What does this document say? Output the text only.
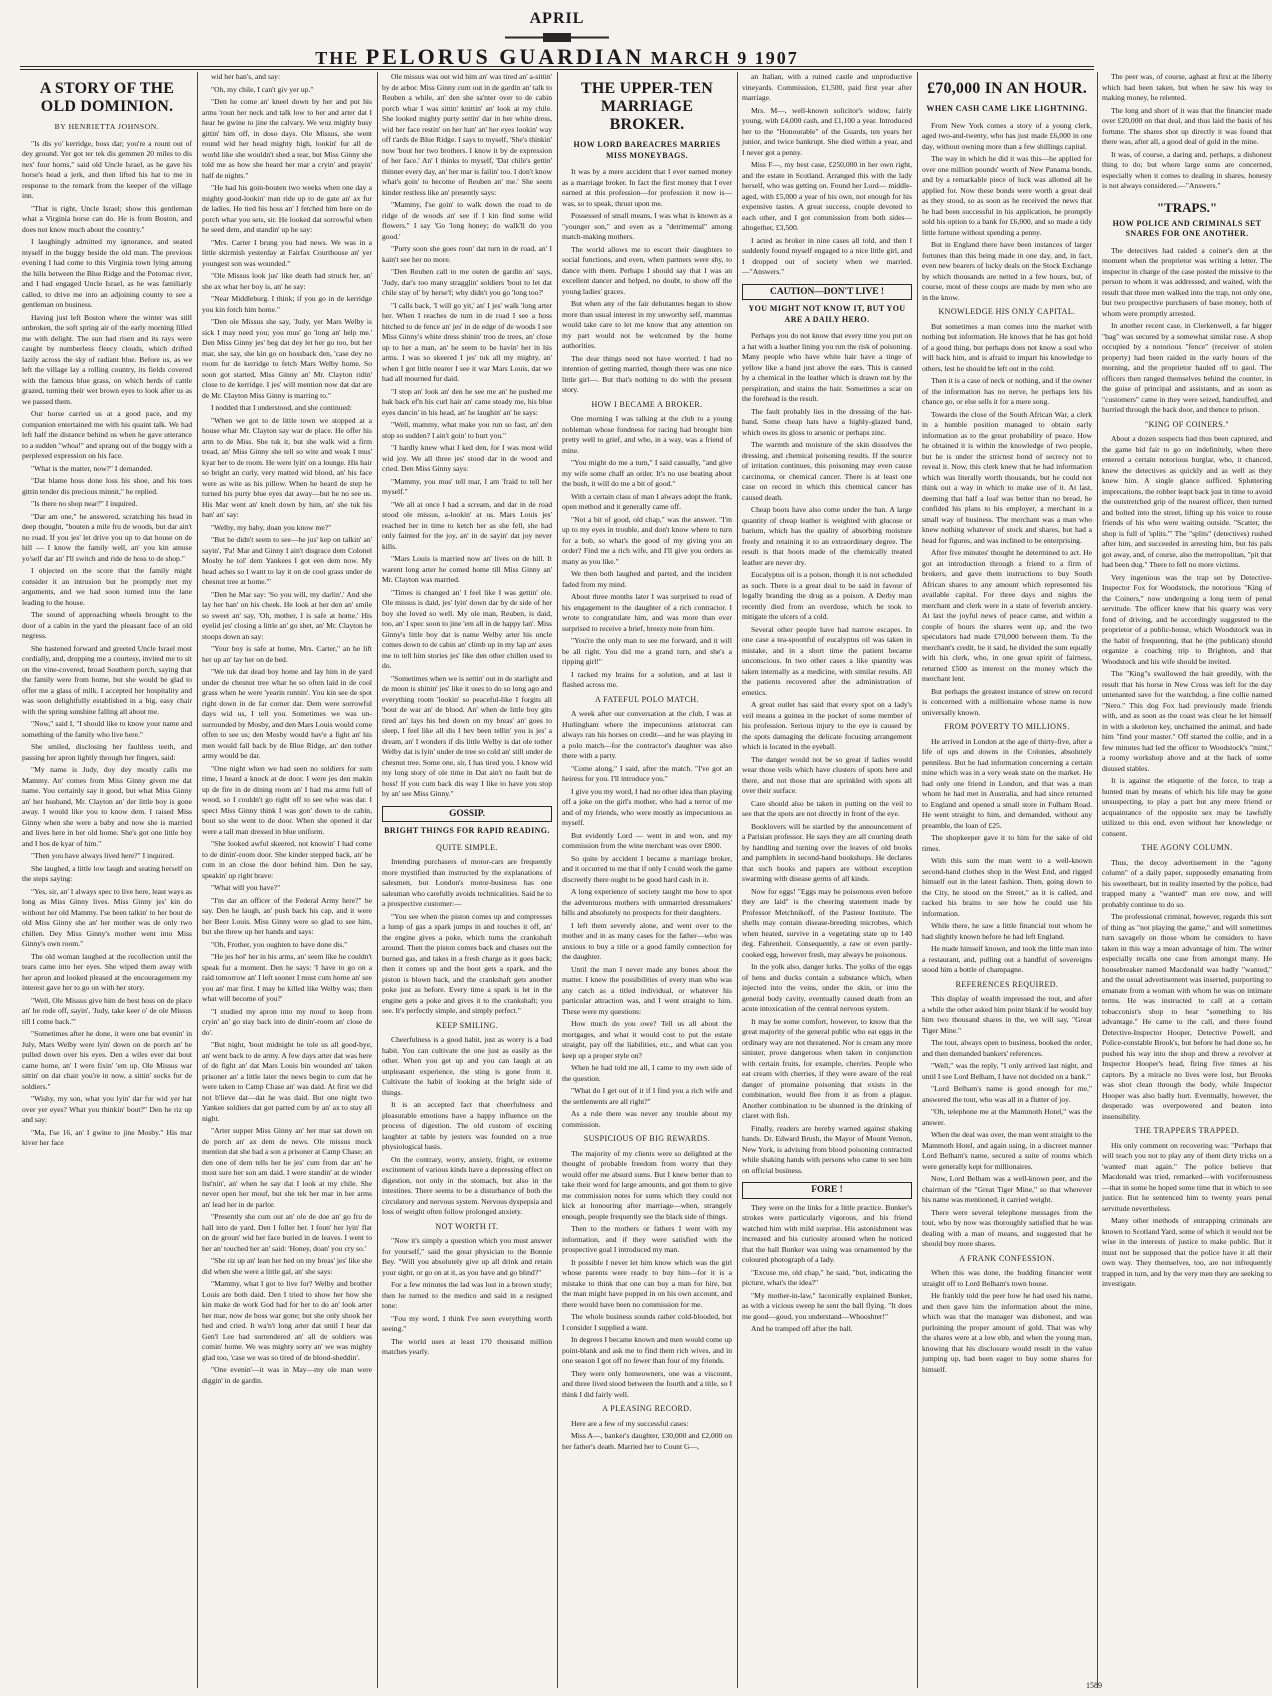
APRIL
THE PELORUS GUARDIAN MARCH 9 1907
A STORY OF THE OLD DOMINION.
BY HENRIETTA JOHNSON.

"Is dis yo' kerridge, boss dar; you're a rount out of dey ground. Yer got ter tek dis gemmen 20 miles to dis nex' four horns," said old Uncle Israel, as he gave his horse's head a jerk, and then lifted his hat to me in response to the remark from the keeper of the village inn.

"That is right, Uncle Israel; show this gentleman what a Virginia horse can do. He is from Boston, and does not know much about the country."

I laughingly admitted my ignorance, and seated myself in the buggy beside the old man. The previous evening I had come to this Virginia town lying among the hills between the Blue Ridge and the Potomac river, and I had engaged Uncle Israel, as he was familiarly called, to drive me into an adjoining county to see a gentleman on business.

Having just left Boston where the winter was still unbroken, the soft spring air of the early morning filled me with delight. The sun had risen and its rays were caught by numberless fleecy clouds, which drifted lazily across the sky of radiant blue. Before us, as we left the village lay a rolling country, its fields covered with the famous blue grass, on which herds of cattle grazed, turning their wet brown eyes to look after us as we passed them.

Our horse carried us at a good pace, and my companion entertained me with his quaint talk. We had left half the distance behind us when he gave utterance to a sudden "whoa!" and sprang out of the buggy with a perplexed expression on his face.

"What is the matter, now?" I demanded.

"Dat blame hoss done loss his shoe, and his toes gittin tender dis precious minnit," he replied.

"Is there no shop near?" I inquired.

"Dar am one," he answered, scratching his head in deep thought, "bouten a mile fru de woods, but dar ain't no road. If you jes' let drive you up to dat house on de hill — I know the family well, an' you kin amuse yo'self dar an' I'll switch and ride de hoss to de shop."

I objected on the score that the family might consider it an intrusion but he promptly met my arguments, and we had soon turned into the lane leading to the house.

The sound of approaching wheels brought to the door of a cabin in the yard the pleasant face of an old negress.

She hastened forward and greeted Uncle Israel most cordially, and, dropping me a courtesy, invited me to sit on the vine-covered, broad Southern porch, saying that the family were from home, but she would be glad to offer me a glass of milk. I accepted her hospitality and was soon delightfully established in a big, easy chair with the spring sunshine falling all about me.

"Now," said I, "I should like to know your name and something of the family who live here."

She smiled, disclosing her faultless teeth, and passing her apron lightly through her fingers, said:

"My name is Judy, doy dey mostly calls me Mammy. An' comes from Miss Ginny given me dat name. You certainly say it good, but what Miss Ginny an' her husband, Mr. Clayton an' der little boy is gone away. I would like you to know dem. I raised Miss Ginny when she were a baby and now she is married and lives here in her old home. She's got one little boy and I hos de kyar of him."

"Then you have always lived here?" I inquired.

She laughed, a little low laugh and seating herself on the steps saying:

"Yes, sir, an' I always spec to live here, least ways as long as Miss Ginny lives. Miss Ginny jes' kin do without her old Mammy. I'se been talkin' to her bout de old Miss Ginny she an' her mother was de only two chillen. Dey Miss Ginny's mother went into Miss Ginny's own room."

The old woman laughed at the recollection until the tears came into her eyes. She wiped them away with her apron and looked pleased at the encouragement my interest gave her to go on with her story.

"Well, Ole Missus give him de best hoss on de place an' he rode off, sayin', 'Judy, take keer o' de ole Missus till I come back.'"

"Sometimes after he done, it were one bat evenin' in July, Mars Welby were lyin' down on de porch an' he pulled down over his eyes. Den a wiles ever dat bout came home, an' I were fixin' 'em up. Ole Missus war sittin' on dat chair you're in now, a sittin' socks fur de soldiers."

"Wishy, my son, what you lyin' dar fur wid yer hat over yer eyes? What you thinkin' bout?" Den he riz up and say:

"Ma, I'se 16, an' I gwine to jine Mosby." His mar kiver her face

wid her han's, and say:

"Oh, my chile, I can't giv yer up."

"Den he come an' kneel down by her and put his arms 'roun her neck and talk low to her and arter dat I hear he gwine to jine the calvary. We wuz mighty busy gittin' him off, in doso days. Ole Missus, she went round wid her head mighty high, lookin' fur all de world like she wouldn't shed a tear, but Miss Ginny she told me as how she heard her mar a cryin' and prayin' half de nights."

"He had his goin-bouten two weeks when one day a mighty good-lookin' man ride up to de gate an' ax fur de ladies. He tied his hoss an' I fetched him here on de porch whar you sets, sir. He looked dat sorrowful when he seed dem, and standin' up he say:

"Mrs. Carter I brung you bad news. We was in a little skirmish yesterday at Fairfax Courthouse an' yer youngest son was wounded."

"Ole Missus look jus' like death had struck her, an' she ax whar her boy is, an' he say:

"Near Middleburg. I think; if you go in de kerridge you kin fotch him home."

"Den ole Missus she say, 'Judy, yer Mars Welby is sick I may need you; you mus' go 'long an' help me.' Den Miss Ginny jes' beg dat dey let her go too, but her mar, she say, she kin go on hossback den, 'case dey no room fur de kerridge to fetch Mars Welby home. So soon got started, Miss Ginny an' Mr. Clayton ridin' close to de kerridge. I jes' will mention now dat dat are de Mr. Clayton Miss Ginny is marring to."

I nodded that I understood, and she continued:

"When we got to de little town we stopped at a house whar Mr. Clayton say war de place. He offer his arm to de Miss. She tuk it, but she walk wid a firm tread, an' Miss Ginny she tell so wite and weak I mus' kyar her to de room. He were lyin' on a lounge. His hair so bright an curly, very matted wid blood, an' his face were as wite as his pillow. When he heard de step he turned his purty blue eyes dat away—but he no see us. His Mar went an' knelt down by him, an' she tuk his han' an' say:

"Welby, my baby, doan you know me?"

"But he didn't seem to see—he jus' kep on talkin' an' sayin', 'Pa! Mar and Ginny I ain't disgrace dem Colonel Mosby he tol' dem Yankees I got een dem now. My head aches so I want to lay it on de cool grass under de chesnut tree at home.'"

"Den he Mar say: 'So you will, my darlin'.' And she lay her han' on his cheek. He look at her den an' smile so sweet an' say, 'Oh, mother, I is safe at home.' His eyelid jes' closing a little an' go shet, an' Mr. Clayton he stoops down an say:

"Your boy is safe at home, Mrs. Carter," an he lift her up an' lay her on de bed.

"We tuk dat dead boy home and lay him in de yard under de chesnut tree whar he so often laid in de cool grass when he were 'yearin runnin'. You kin see de spot right down in de far corner dar. Dem were sorrowful days wid us, I tell you. Sometimes we was un-surrounded by Mosby, and den Mars Louis would come offen to see us; den Mosby would hav'e a fight an' his men would fall back by de Blue Ridge, an' den tother army would be dar.

"One night when we had seen no soldiers for sum time, I heard a knock at de door. I were jes den makin up de fire in de dining room an' I had ma arms full of wood, so I couldn't go right off to see who was dar. I spect Miss Ginny think I was gon' down to de cabin, bout so she went to de door. When she opened it dar were a tall man dressed in blue uniform.

"She looked awful skeered, not knowin' I had come to de dinin'-room door. She kinder stepped back, an' he cum in an close the door behind him. Den he say, speakin' up right brave:

"What will you have?"

"I'm dar an officer of the Federal Army here?" he say. Den he laugh, an' push back his cap, and it were her Beer Louis. Miss Ginny were so glad to see him, but she threw up her hands and says:

"Oh, Frother, you oughten to have done dis."

"He jes hol' her in his arms, an' seem like he couldn't speak fur a moment. Den he says: 'I have to go on a raid tomorrow an' I left sooner I must cum home an' see you an' mar first. I may be killed like Welby was; then what will become of you?'

"I studied my apron into my mouf to keep from cryin' an' go stay back into de dinin'-room an' close de do'.

"But night, 'bout midnight he tole us all good-bye, an' went back to de army. A few days arter dat was here of de fight an' dat Mars Louis bin wounded an' taken prisoner an' a little later the news begin to cum dat he were taken to Camp Chase an' was daid. At first we did not b'lieve dat—dat he was daid. But one night two Yankee soldiers dat got parted cum by an' ax to stay all night.

"Arter supper Miss Ginny an' her mar sat down on de porch an' ax dem de news. Ole missus muck mention dat she had a son a prisoner at Camp Chase; an den one of dem tells her he jes' cum from dar an' he most sure her son am daid. I were standin' at de winder list'nin', an' when he say dat I look at my chile. She never open her mouf, but she tek her mar in her arms an' lead her in de parlor.

"Presently she cum out an' ole de doe an' go fru de hall into de yard. Den I foller her. I foun' her lyin' flat on de groun' wid her face buried in de leaves. I went to her an' touched her an' said: 'Honey, doan' you cry so.'

"She riz up an' lean her hed on my breas' jes' like she did when she were a little gal, an' she says:

"Mammy, what I got to live for? Welby and brother Louis are both daid. Den I tried to show her how she kin make de work God had for her to do an' look arter her mar, now de boss war gone; but she only shook her hed and cried. It wa'n't long arter dat until I hear dat Gen'l Lee had surrendered an' all de soldiers was comin' home. We was mighty sorry an' we was mighty glad too, 'case we was so tired of de blood-sheddin'.

"One evenin'—it was in May—my ole man were diggin' in de gardin.

Ole missus was out wid him an' was tired an' a-sittin' by de arbor. Miss Ginny cum out in de gardin an' talk to Reuben a while, an' den she sa'nter over to de cabin porch whar I was sittin' knittin' an' look at my chile. She looked mighty purty settin' dar in her white dress, wid her face restin' on her han' an' her eyes lookin' way off t'ards de Blue Ridge. I says to myself, 'She's thinkin' now 'bout her two brothers. I know it by de expression of her face.' An' I thinks to myself, 'Dat chile's gettin' thinner every day, an' her mar is failin' too. I don't know what's goin' to become of Reuben an' me.' She seem kinder restless like an' presently says:

"Mammy, I'se goin' to walk down the road to de ridge of de woods an' see if I kin find some wild flowers." I say 'Go 'long honey; do walk'll do you good.'

"Purty soon she goes roun' dat turn in de road, an' I kain't see her no more.

"Den Reuben call to me outen de gardin an' says, 'Judy, dar's too many stragglin' soldiers 'bout to let dat chile stay ol' by herse'f; why didn't you go 'long too?'

"I calls back, 'I will go yit,' an' I jes' walk 'long arter her. When I reaches de turn in de road I see a hoss hitched to de fence an' jes' in de edge of de woods I see Miss Ginny's white dress shinin' troo de trees, an' close up to her a man, an' he seem to be havin' her in his arms. I was so skeered I jes' tuk all my mighty, an' when I got little nearer I see it war Mars Louis, dat we had all mourned fur daid.

"I stop an' look an' den he see me an' he pushed me bak back ef'n his curl hair an' came steady me, his blue eyes dancin' in his head, an' he laughin' an' he says:

"Well, mammy, what make you run so fast, an' den stop so sudden? I ain't goin' to hurt you."

"I hardly knew what I ked den, for I was most wild wid joy. We all three jes' stood dar in de wood and cried. Den Miss Ginny says:

"Mammy, you mus' tell mar, I am 'fraid to tell her myself."

"We all at once I had a scream, and dar in de road stood ole missus, a-lookin' at us. Mars Louis jes' reached her in time to ketch her as she fell, she had only fainted for the joy, an' in de sayin' dat joy never kills.

"Mars Louis is married now an' lives on de hill. It warent long arter he comed home till Miss Ginny an' Mr. Clayton was married.

"Times is changed an' I feel like I was gettin' ole. Ole missus is daid, jes' lyin' down dar by de side of her boy she loved so well. My ole man, Reuben, is daid, too, an' I spec soon to jine 'em all in de happy lan'. Miss Ginny's little boy dat is name Welby arter his uncle comes down to de cabin an' climb up in my lap an' axes me to tell him stories jes' like den other chillen used to do.

"Sometimes when we is settin' out in de starlight and de moon is shinin' jes' like it uses to do so long ago and everything room 'lookin' so peaceful-like I forgits all 'bout de war an' de blood. An' when de little boy gits tired an' lays his hed down on my breas' an' goes to sleep, I feel like all dis I hev been tellin' you is jes' a dream, an' I wonders if dis little Welby is dat ole tother Welby dat is lyin' under de tree so cold an' still under de chesnut tree. Some one, sir, I has tired you. I know wid my long story of ole time in Dat ain't no fault but de hoss! If you cum back dis way I like to have you stop by an' see Miss Ginny."

GOSSIP.
BRIGHT THINGS FOR RAPID READING.
QUITE SIMPLE.

Intending purchasers of motor-cars are frequently more mystified than instructed by the explanations of salesmen, but London's motor-business has one salesman who carefully avoids technicalities. Said he to a prospective customer:—

"You see when the piston comes up and compresses a lump of gas a spark jumps in and touches it off, an' the engine gives a poke, which turns the crankshaft around. Then the piston comes back and chases out the burned gas, and takes in a fresh charge as it goes back; then it comes up and the boot gets a spark, and the piston is blown back, and the crankshaft gets another poke just as before. Every time a spark is let in the engine gets a poke and gives it to the crankshaft; you see. It's perfectly simple, and simply perfect."

KEEP SMILING.

Cheerfulness is a good habit, just as worry is a bad habit. You can cultivate the one just as easily as the other. When you get up and you can laugh at an unpleasant experience, the sting is gone from it. Cultivate the habit of looking at the bright side of things.

It is an accepted fact that cheerfulness and pleasurable emotions have a happy influence on the process of digestion. The old custom of exciting laughter at table by jesters was founded on a true physiological basis.

On the contrary, worry, anxiety, fright, or extreme excitement of various kinds have a depressing effect on digestion, not only in the stomach, but also in the intestines. There seems to be a disturbance of both the circulatory and nervous system. Nervous dyspepsia and loss of weight often follow prolonged anxiety.

NOT WORTH IT.

"Now it's simply a question which you must answer for yourself," said the great physician to the Bonnie Bey. "Will you absolutely give up all drink and retain your sight, or go on at it, as you have and go blind?"

For a few minutes the lad was lost in a brown study; then he turned to the medico and said in a resigned tone:

"Fou my word, I think I've seen everything worth seeing."

The world uses at least 170 thousand million matches yearly.

THE UPPER-TEN MARRIAGE BROKER.
HOW LORD BAREACRES MARRIES MISS MONEYBAGS.

It was by a mere accident that I ever earned money as a marriage broker. In fact the first money that I ever earned at this profession—for profession it now is—was, so to speak, thrust upon me.

Possessed of small means, I was what is known as a "younger son," and even as a "detrimental" among match-making mothers.

The world allows me to escort their daughters to social functions, and even, when partners were shy, to dance with them. Perhaps I should say that I was an excellent dancer and helped, no doubt, to show off the young ladies' graces.

But when any of the fair debutantes began to show more than usual interest in my unworthy self, mammas would take care to let me know that any attention on my part would not be welcomed by the home authorities.

The dear things need not have worried. I had no intention of getting married, though there was one nice little girl—. But that's nothing to do with the present story.

HOW I BECAME A BROKER.

One morning I was talking at the club to a young nobleman whose fondness for racing had brought him pretty well to grief, and who, in a way, was a friend of mine.

"You might do me a turn," I said casually, "and give my wife some chaff an order. It's no use beating about the bush, it will do me a bit of good."

With a certain class of man I always adopt the frank, open method and it generally came off.

"Not a bit of good, old chap," was the answer. "I'm up to my eyes in trouble, and don't know where to turn for a bob, so what's the good of my giving you an order? Find me a rich wife, and I'll give you orders as many as you like."

We then both laughed and parted, and the incident faded from my mind.

About three months later I was surprised to read of his engagement to the daughter of a rich contractor. I wrote to congratulate him, and was more than ever surprised to receive a brief, breezy note from him.

"You're the only man to see me forward, and it will be all right. You did me a grand turn, and she's a ripping girl!"

I racked my brains for a solution, and at last it flashed across me.

A FATEFUL POLO MATCH.

A week after our conversation at the club, I was at Hurlingham where the impecunious aristocrat can always ran his horses on credit—and he was playing in a polo match—for the contractor's daughter was also there with a party.

"Come along," I said, after the match. "I've got an heiress for you. I'll introduce you."

I give you my word, I had no other idea than playing off a joke on the girl's mother, who had a terror of me and of my friends, who were mostly as impecunious as myself.

But evidently Lord — went in and won, and my commission from the wine merchant was over £800.

So quite by accident I became a marriage broker, and it occurred to me that if only I could work the game discreetly there ought to be good hard cash in it.

A long experience of society taught me how to spot the adventurous mothers with unmarried dressmakers' bills and absolutely no prospects for their daughters.

I left them severely alone, and went over to the mother and in as many cases for the father—who was anxious to buy a title or a good family connection for the daughter.

Until the man I never made any bones about the matter. I knew the possibilities of every man who was any catch as a titled individual, or whatever his particular attraction was, and I went straight to him. These were my questions:

How much do you owe? Tell us all about the mortgages, and what it would cost to put the estate straight, pay off the liabilities, etc., and what can you keep up a proper style on?

When he had told me all, I came to my own side of the question.

"What do I get out of it if I find you a rich wife and the settlements are all right?"

As a rule there was never any trouble about my commission.

SUSPICIOUS OF BIG REWARDS.

The majority of my clients were so delighted at the thought of probable freedom from worry that they would offer me absurd sums. But I knew better than to take their word for large amounts, and got them to give me commission notes for sums which they could not kick at honouring after marriage—when, strangely enough, people frequently see the black side of things.

Then to the mothers or fathers I went with my information, and if they were satisfied with the prospective goal I introduced my man.

It possible I never let him know which was the girl whose parents were ready to buy him—for it is a mistake to think that one can buy a man for hire, but the man might have popped in on his own account, and there would have been no commission for me.

The whole business sounds rather cold-blooded, but I consider I supplied a want.

In degrees I became known and men would come up point-blank and ask me to find them rich wives, and in one season I got off no fewer than four of my friends.

They were only homeowners, one was a viscount, and three lived stood between the fourth and a title, so I think I did fairly well.

A PLEASING RECORD.

Here are a few of my successful cases:

Miss A—, banker's daughter, £30,000 and £2,000 on her father's death. Married her to Count G—,

an Italian, with a ruined castle and unproductive vineyards. Commission, £1,500, paid first year after marriage.

Mrs. M—, well-known solicitor's widow, fairly young, with £4,000 cash, and £1,100 a year. Introduced her to the "Honourable" of the Guards, ten years her junior, and twice bankrupt. She died within a year, and I never got a penny.

Miss F—, my best case, £250,000 in her own right, and the estate in Scotland. Arranged this with the lady herself, who was getting on. Found her Lord— middle-aged, with £5,000 a year of his own, not enough for his expensive tastes. A great success, couple devoted to each other, and I got commission from both sides—altogether, £3,500.

I acted as broker in nine cases all told, and then I suddenly found myself engaged to a nice little girl, and I dropped out of society when we married.—"Answers."

CAUTION—DON'T LIVE !
YOU MIGHT NOT KNOW IT, BUT YOU ARE A DAILY HERO.

Perhaps you do not know that every time you put on a hat with a leather lining you run the risk of poisoning. Many people who have white hair have a tinge of yellow like a band just above the ears. This is caused by a chemical in the leather which is drawn out by the perspiration, and stains the hair. Sometimes a scar on the forehead is the result.

The fault probably lies in the dressing of the hat-band. Some cheap hats have a highly-glazed band, which owes its gloss to arsenic or perhaps zinc.

The warmth and moisture of the skin dissolves the dressing, and chemical poisoning results. If the source of irritation continues, this poisoning may even cause carcinoma, or chemical cancer. There is at least one case on record in which this chemical cancer has caused death.

Cheap boots have also come under the ban. A large quantity of cheap leather is weighted with glucose or barium, which has the quality of absorbing moisture freely and retaining it to an extraordinary degree. The result is that boots made of the chemically treated leather are never dry.

Eucalyptus oil is a poison, though it is not scheduled as such. There is a great deal to be said in favour of legally branding the drug as a poison. A Derby man recently died from an overdose, which he took to mitigate the ulcers of a cold.

Several other people have had narrow escapes. In one case a tea-spoonful of eucalyptus oil was taken in mistake, and in a short time the patient became unconscious. In two other cases a like quantity was taken internally as a medicine, with similar results. All the patients recovered after the administration of emetics.

A great outlet has said that every spot on a lady's veil means a guinea in the pocket of some member of his profession. Serious injury to the eye is caused by the spots damaging the delicate focusing arrangement which is located in the eyeball.

The danger would not be so great if ladies would wear those veils which have clusters of spots here and there, and not those that are sprinkled with spots all over their surface.

Care should also be taken in putting on the veil to see that the spots are not directly in front of the eye.

Booklovers will be startled by the announcement of a Parisian professor. He says they are all courting death by handling and turning over the leaves of old books and pamphlets in second-hand bookshops. He declares that such books and papers are without exception swarming with disease germs of all kinds.

Now for eggs! "Eggs may be poisonous even before they are laid" is the cheering statement made by Professor Metchnikoff, of the Pasteur Institute. The shells may contain disease-breeding microbes, which when heated, survive in a vegetating state up to 140 deg. Fahrenheit. Consequently, a raw or even partly-cooked egg, however fresh, may always be poisonous.

In the yolk also, danger lurks. The yolks of the eggs of hens and ducks contain a substance which, when injected into the veins, under the skin, or into the general body cavity, eventually caused death from an acute intoxication of the central nervous system.

It may be some comfort, however, to know that the great majority of the general public who eat eggs in the ordinary way are not threatened. Nor is cream any more sinister, prove dangerous when taken in conjunction with certain fruits, for example, cherries. People who eat cream with cherries, if they were aware of the real danger of ptomaine poisoning that exists in the combination, would flee from it as from a plague. Another combination to be shunned is the drinking of claret with fish.

Finally, readers are hereby warned against shaking hands. Dr. Edward Brush, the Mayor of Mount Vernon, New York, is advising from blood poisoning contracted while shaking hands with persons who came to see him on official business.

FORE !

They were on the links for a little practice. Bunker's strokes were particularly vigorous, and his friend watched him with mild surprise. His astonishment was increased and his curiosity aroused when he noticed that the ball Bunker was using was ornamented by the coloured photograph of a lady.

"Excuse me, old chap," he said, "but, indicating the picture, what's the idea?"

"My mother-in-law," laconically explained Bunker, as with a vicious sweep he sent the ball flying. "It does me good—good, you understand—Whooshter!"

And he tramped off after the ball.

£70,000 IN AN HOUR.
WHEN CASH CAME LIKE LIGHTNING.

From New York comes a story of a young clerk, aged two-and-twenty, who has just made £6,000 in one day, without owning more than a few shillings capital.

The way in which he did it was this—he applied for over one million pounds' worth of New Panama bonds, and by a remarkable piece of luck was allotted all he applied for. Now these bonds were worth a great deal as they stood, so as soon as he received the news that he had been successful in his application, he promptly sold his option to a bank for £6,000, and so made a tidy little fortune without spending a penny.

But in England there have been instances of larger fortunes than this being made in one day, and, in fact, even new bearers of lucky deals on the Stock Exchange by which thousands are netted in a few hours, but, of course, most of these coups are made by men who are in the know.

KNOWLEDGE HIS ONLY CAPITAL.

But sometimes a man comes into the market with nothing but information. He knows that he has got hold of a good thing, but perhaps does not know a soul who will back him, and is afraid to impart his knowledge to others, lest he should be left out in the cold.

Then it is a case of neck or nothing, and if the owner of the information has no nerve, he perhaps lets his chance go, or else sells it for a mere song.

Towards the close of the South African War, a clerk in a humble position managed to obtain early information as to the great probability of peace. How he obtained it is within the knowledge of two people, but he is under the strictest bond of secrecy not to reveal it. Now, this clerk knew that he had information which was literally worth thousands, but he could not think out a way in which to make use of it. At last, deeming that half a loaf was better than no bread, he confided his plans to his employer, a merchant in a small way of business. The merchant was a man who knew nothing whatever of stock and shares, but had a head for figures, and was inclined to be enterprising.

After five minutes' thought he determined to act. He got an introduction through a friend to a firm of brokers, and gave them instructions to buy South African shares to any amount which represented his available capital. For three days and nights the merchant and clerk were in a state of feverish anxiety. At last the joyful news of peace came, and within a couple of hours the shares went up, and the two speculators had made £70,000 between them. To the merchant's credit, be it said, he divided the sum equally with his clerk, who, in one great spirit of fairness, returned £500 as interest on the money which the merchant lent.

But perhaps the greatest instance of strew on record is concerned with a millionaire whose name is now universally known.

FROM POVERTY TO MILLIONS.

He arrived in London at the age of thirty-five, after a life of ups and downs in the Colonies, absolutely penniless. But he had information concerning a certain mine which was in a very weak state on the market. He had only one friend in London, and that was a man whom he had met in Australia, and had since returned to England and opened a small store in Fulham Road. He went straight to him, and demanded, without any preamble, the loan of £25.

The shopkeeper gave it to him for the sake of old times.

With this sum the man went to a well-known second-hand clothes shop in the West End, and rigged himself out in the latest fashion. Then, going down to the City, he stood on the Street," as it is called, and racked his brains to see how he could use his information.

While there, he saw a little financial tout whom he had slightly known before he had left England.

He made himself known, and took the little man into a restaurant, and, pulling out a handful of sovereigns stood him a bottle of champagne.

REFERENCES REQUIRED.

This display of wealth impressed the tout, and after a while the other asked him point blank if he would buy him two thousand shares in the, we will say, "Great Tiger Mine."

The tout, always open to business, booked the order, and then demanded bankers' references.

"Well," was the reply, "I only arrived last night, and until I see Lord Belham, I have not decided on a bank."

"Lord Belham's name is good enough for me," answered the tout, who was all in a flutter of joy.

"Oh, telephone me at the Mammoth Hotel," was the answer.

When the deal was over, the man went straight to the Mammoth Hotel, and again using, in a discreet manner Lord Belham's name, secured a suite of rooms which were generally kept for millionaires.

Now, Lord Belham was a well-known peer, and the chairman of the "Great Tiger Mine," so that wherever his name was mentioned, it carried weight.

There were several telephone messages from the tout, who by now was thoroughly satisfied that he was dealing with a man of means, and suggested that he should buy more shares.

A FRANK CONFESSION.

When this was done, the budding financier went straight off to Lord Belham's town house.

He frankly told the peer how he had used his name, and then gave him the information about the mine, which was that the manager was dishonest, and was purloining the proper amount of gold. That was why the shares were at a low ebb, and when the young man, knowing that his disclosure would result in the value jumping up, had been eager to buy some shares for himself.

The peer was, of course, aghast at first at the liberty which had been taken, but when he saw his way to making money, he relented.

The long and short of it was that the financier made over £20,000 on that deal, and thus laid the basis of his fortune. The shares shot up directly it was found that there was, after all, a good deal of gold in the mine.

It was, of course, a daring and, perhaps, a dishonest thing to do; but where large sums are concerned, especially when it comes to dealing in shares, honesty is not always considered.—"Answers."

"TRAPS."
HOW POLICE AND CRIMINALS SET SNARES FOR ONE ANOTHER.

The detectives had raided a coiner's den at the moment when the proprietor was writing a letter. The inspector in charge of the case posted the missive to the person to whom it was addressed, and waited, with the result that three men walked into the trap, not only one, but two prospective purchasers of base money, both of whom were promptly arrested.

In another recent case, in Clerkenwell, a far bigger "bag" was secured by a somewhat similar ruse. A shop occupied by a notorious "fence" (receiver of stolen property) had been raided in the early hours of the morning, and the proprietor hauled off to gaol. The officers then ranged themselves behind the counter, in the guise of principal and assistants, and as soon as "customers" came in they were seized, handcuffed, and hurried through the back door, and thence to prison.

"KING OF COINERS."

About a dozen suspects had thus been captured, and the game bid fair to go on indefinitely, when there entered a certain notorious burglar, who, it chanced, knew the detectives as quickly and as well as they knew him. A single glance sufficed. Spluttering imprecations, the robber leapt back just in time to avoid the outstretched grip of the nearest officer, then turned and bolted into the street, lifting up his voice to rouse friends of his who were waiting outside. "Scatter, the shop is full of 'splits.'" The "splits" (detectives) rushed after him, and succeeded in arresting him, but his pals got away, and, of course, also the metropolitan, "pit that had been dug." There to fell no more victims.

Very ingenious was the trap set by Detective-Inspector Fox for Woodstock, the notorious "King of the Coiners," now undergoing a long term of penal servitude. The officer knew that his quarry was very fond of driving, and he accordingly suggested to the proprietor of a public-house, which Woodstock was in the habit of frequenting, that he (the publican) should organize a coaching trip to Brighton, and that Woodstock and his wife should be invited.

The "King"s swallowed the bait greedily, with the result that his horse in New Cross was left for the day untenanted save for the watchdog, a fine collie named "Nero." This dog Fox had previously made friends with, and as soon as the coast was clear he let himself in with a skeleton key, unchained the animal, and bade him "find your master." Off started the collie, and in a few minutes had led the officer to Woodstock's "mint," a roomy workshop above and at the back of some disused stables.

It is against the etiquette of the force, to trap a hunted man by means of which his life may be gone unsuspecting, to play a part but any mere friend or acquaintance of the opposite sex may be lawfully utilized to this end, even without her knowledge or consent.

THE AGONY COLUMN.

Thus, the decoy advertisement in the "agony column" of a daily paper, supposedly emanating from his sweetheart, but in reality inserted by the police, had trapped many a "wanted" man ere now, and will probably continue to do so.

The professional criminal, however, regards this sort of thing as "not playing the game," and will sometimes turn savagely on those whom he considers to have taken in this way a mean advantage of him. The writer especially recalls one case from amongst many. He housebreaker named Macdonald was badly "wanted," and the usual advertisement was inserted, purporting to emanate from a woman with whom he was on intimate terms. He was instructed to call at a certain tobacconist's shop to hear "something to his advantage." He came to the call, and there found Detective-Inspector Hooper, Detective Powell, and Police-constable Brook's, but before he had done so, he pushed his way into the shop and threw a revolver at Inspector Hooper's head, firing five times at his captors. By a miracle no lives were lost, but Brooks was shot clean through the body, while Inspector Hooper was also badly hurt. Eventually, however, the desperado was overpowered and beaten into insensibility.

THE TRAPPERS TRAPPED.

His only comment on recovering was: "Perhaps that will teach you not to play any of them dirty tricks on a 'wanted' man again." The police believe that Macdonald was tried, remarked—with vociferousness—that in some he hoped some time that in which to see justice. But he sentenced him to twenty years penal servitude nevertheless.

Many other methods of entrapping criminals are known to Scotland Yard, some of which it would not be wise in the interests of justice to make public. But it must not be supposed that the police have it all their own way. They themselves, too, are not infrequently trapped in turn, and by the very men they are seeking to investigate.

1589
